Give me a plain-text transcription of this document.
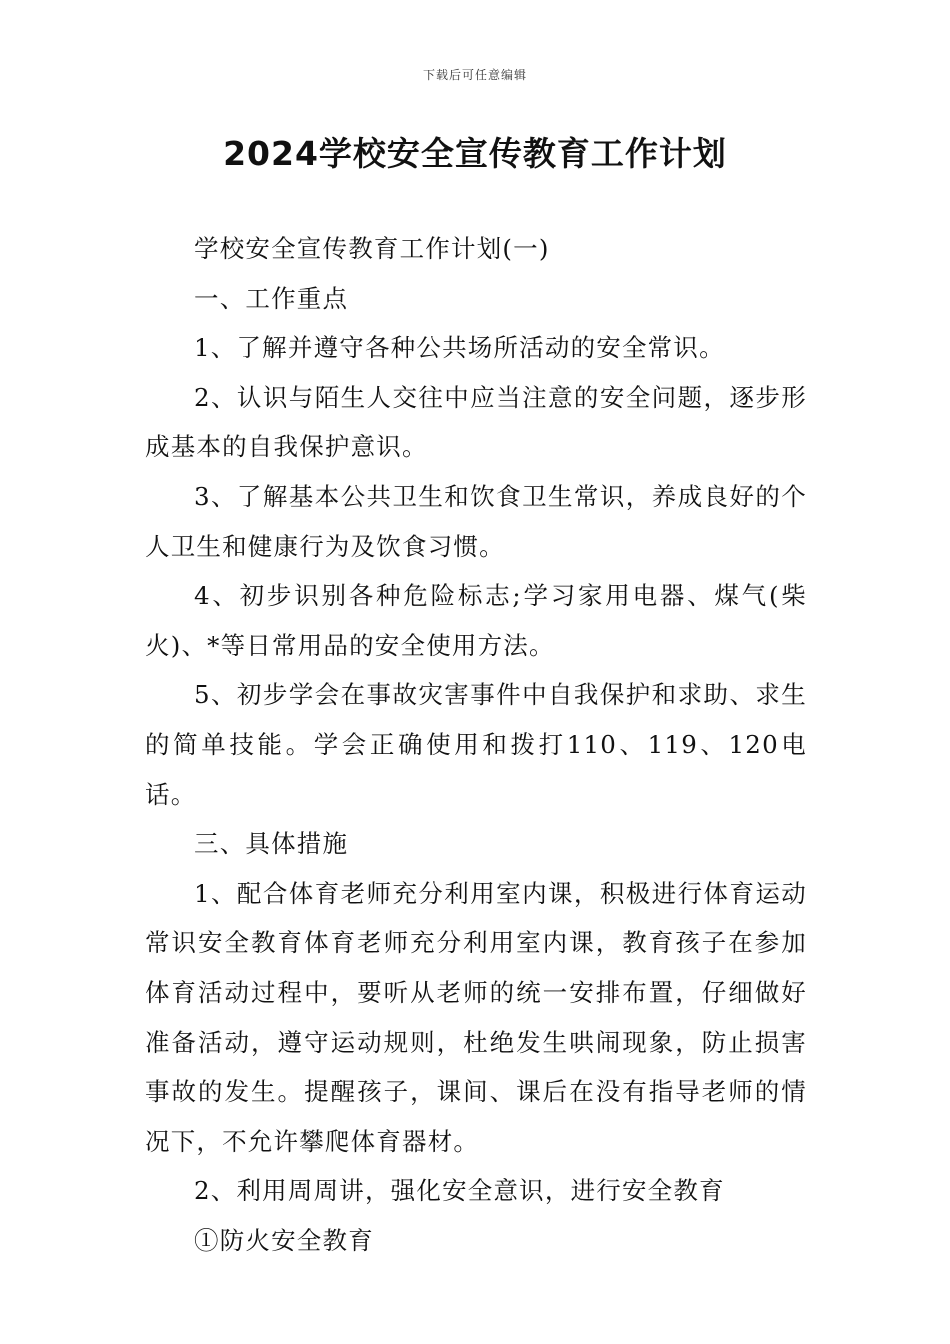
下载后可任意编辑
2024学校安全宣传教育工作计划

学校安全宣传教育工作计划(一)

一、工作重点

1、了解并遵守各种公共场所活动的安全常识。

2、认识与陌生人交往中应当注意的安全问题，逐步形成基本的自我保护意识。

3、了解基本公共卫生和饮食卫生常识，养成良好的个人卫生和健康行为及饮食习惯。

4、初步识别各种危险标志;学习家用电器、煤气(柴火)、*等日常用品的安全使用方法。

5、初步学会在事故灾害事件中自我保护和求助、求生的简单技能。学会正确使用和拨打110、119、120电话。

三、具体措施

1、配合体育老师充分利用室内课，积极进行体育运动常识安全教育体育老师充分利用室内课，教育孩子在参加体育活动过程中，要听从老师的统一安排布置，仔细做好准备活动，遵守运动规则，杜绝发生哄闹现象，防止损害事故的发生。提醒孩子，课间、课后在没有指导老师的情况下，不允许攀爬体育器材。

2、利用周周讲，强化安全意识，进行安全教育

①防火安全教育
